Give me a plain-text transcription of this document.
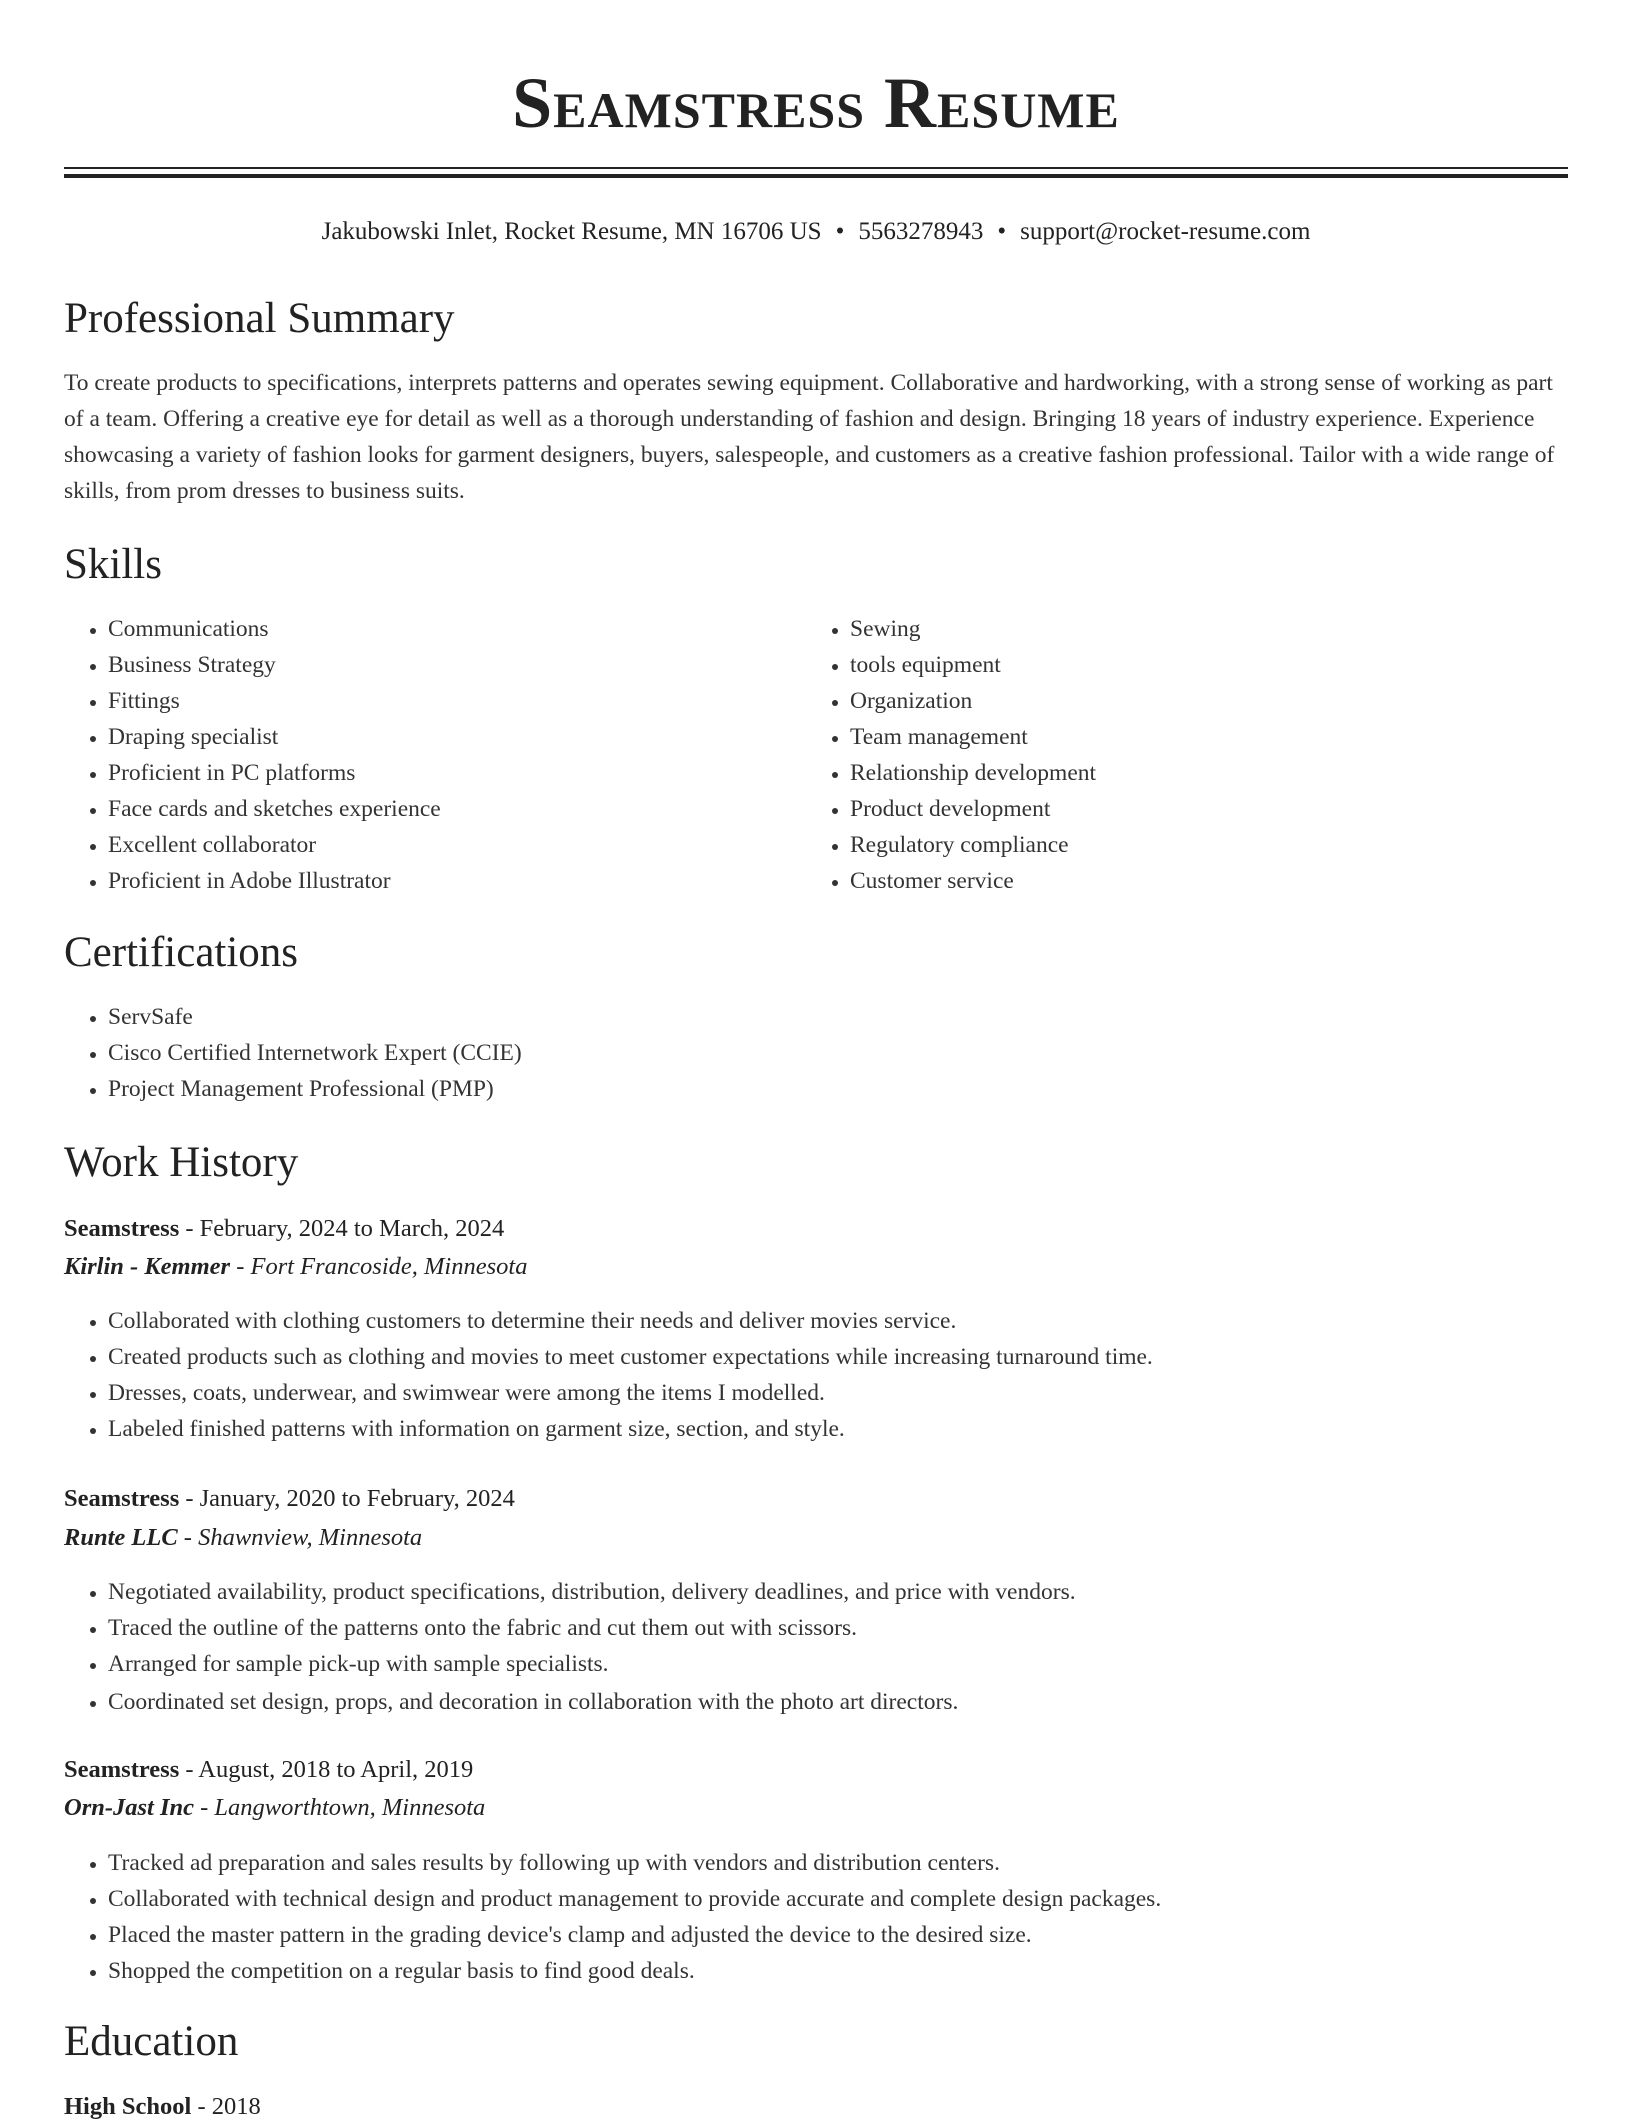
Seamstress Resume
Jakubowski Inlet, Rocket Resume, MN 16706 US • 5563278943 • support@rocket-resume.com
Professional Summary

To create products to specifications, interprets patterns and operates sewing equipment. Collaborative and hardworking, with a strong sense of working as part of a team. Offering a creative eye for detail as well as a thorough understanding of fashion and design. Bringing 18 years of industry experience. Experience showcasing a variety of fashion looks for garment designers, buyers, salespeople, and customers as a creative fashion professional. Tailor with a wide range of skills, from prom dresses to business suits.

Skills
• Communications
• Business Strategy
• Fittings
• Draping specialist
• Proficient in PC platforms
• Face cards and sketches experience
• Excellent collaborator
• Proficient in Adobe Illustrator
• Sewing
• tools equipment
• Organization
• Team management
• Relationship development
• Product development
• Regulatory compliance
• Customer service
Certifications
• ServSafe
• Cisco Certified Internetwork Expert (CCIE)
• Project Management Professional (PMP)
Work History
Seamstress - February, 2024 to March, 2024
Kirlin - Kemmer - Fort Francoside, Minnesota
• Collaborated with clothing customers to determine their needs and deliver movies service.
• Created products such as clothing and movies to meet customer expectations while increasing turnaround time.
• Dresses, coats, underwear, and swimwear were among the items I modelled.
• Labeled finished patterns with information on garment size, section, and style.
Seamstress - January, 2020 to February, 2024
Runte LLC - Shawnview, Minnesota
• Negotiated availability, product specifications, distribution, delivery deadlines, and price with vendors.
• Traced the outline of the patterns onto the fabric and cut them out with scissors.
• Arranged for sample pick-up with sample specialists.
• Coordinated set design, props, and decoration in collaboration with the photo art directors.
Seamstress - August, 2018 to April, 2019
Orn-Jast Inc - Langworthtown, Minnesota
• Tracked ad preparation and sales results by following up with vendors and distribution centers.
• Collaborated with technical design and product management to provide accurate and complete design packages.
• Placed the master pattern in the grading device's clamp and adjusted the device to the desired size.
• Shopped the competition on a regular basis to find good deals.
Education
High School - 2018
